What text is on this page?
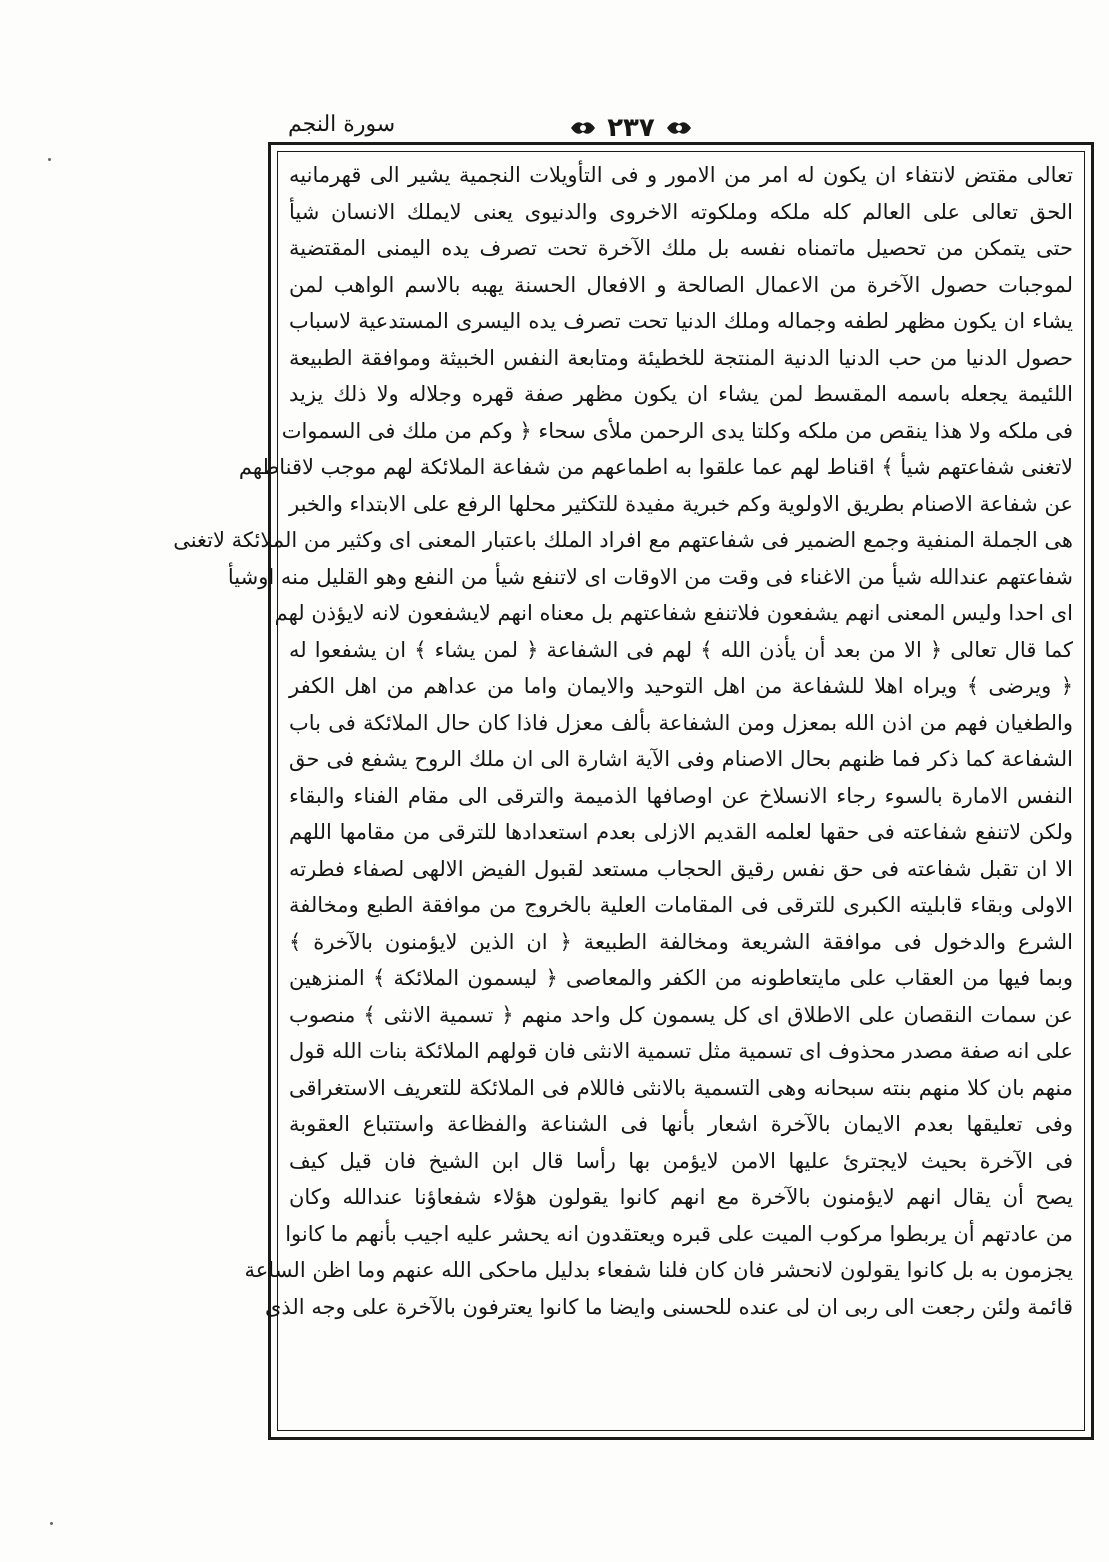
سورة النجم	٢٣٧
تعالى مقتض لانتفاء ان يكون له امر من الامور و فى التأويلات النجمية يشير الى قهرمانيه
الحق تعالى على العالم كله ملكه وملكوته الاخروى والدنيوى يعنى لايملك الانسان شيأ
حتى يتمكن من تحصيل ماتمناه نفسه بل ملك الآخرة تحت تصرف يده اليمنى المقتضية
لموجبات حصول الآخرة من الاعمال الصالحة و الافعال الحسنة يهبه بالاسم الواهب لمن
يشاء ان يكون مظهر لطفه وجماله وملك الدنيا تحت تصرف يده اليسرى المستدعية لاسباب
حصول الدنيا من حب الدنيا الدنية المنتجة للخطيئة ومتابعة النفس الخبيثة وموافقة الطبيعة
اللئيمة يجعله باسمه المقسط لمن يشاء ان يكون مظهر صفة قهره وجلاله ولا ذلك يزيد
فى ملكه ولا هذا ينقص من ملكه وكلتا يدى الرحمن ملأى سحاء ﴿ وكم من ملك فى السموات
لاتغنى شفاعتهم شيأ ﴾ اقناط لهم عما علقوا به اطماعهم من شفاعة الملائكة لهم موجب لاقناطهم
عن شفاعة الاصنام بطريق الاولوية وكم خبرية مفيدة للتكثير محلها الرفع على الابتداء والخبر
هى الجملة المنفية وجمع الضمير فى شفاعتهم مع افراد الملك باعتبار المعنى اى وكثير من الملائكة لاتغنى
شفاعتهم عندالله شيأ من الاغناء فى وقت من الاوقات اى لاتنفع شيأ من النفع وهو القليل منه اوشيأ
اى احدا وليس المعنى انهم يشفعون فلاتنفع شفاعتهم بل معناه انهم لايشفعون لانه لايؤذن لهم
كما قال تعالى ﴿ الا من بعد أن يأذن الله ﴾ لهم فى الشفاعة ﴿ لمن يشاء ﴾ ان يشفعوا له
﴿ ويرضى ﴾ ويراه اهلا للشفاعة من اهل التوحيد والايمان واما من عداهم من اهل الكفر
والطغيان فهم من اذن الله بمعزل ومن الشفاعة بألف معزل فاذا كان حال الملائكة فى باب
الشفاعة كما ذكر فما ظنهم بحال الاصنام وفى الآية اشارة الى ان ملك الروح يشفع فى حق
النفس الامارة بالسوء رجاء الانسلاخ عن اوصافها الذميمة والترقى الى مقام الفناء والبقاء
ولكن لاتنفع شفاعته فى حقها لعلمه القديم الازلى بعدم استعدادها للترقى من مقامها اللهم
الا ان تقبل شفاعته فى حق نفس رقيق الحجاب مستعد لقبول الفيض الالهى لصفاء فطرته
الاولى وبقاء قابليته الكبرى للترقى فى المقامات العلية بالخروج من موافقة الطبع ومخالفة
الشرع والدخول فى موافقة الشريعة ومخالفة الطبيعة ﴿ ان الذين لايؤمنون بالآخرة ﴾
وبما فيها من العقاب على مايتعاطونه من الكفر والمعاصى ﴿ ليسمون الملائكة ﴾ المنزهين
عن سمات النقصان على الاطلاق اى كل يسمون كل واحد منهم ﴿ تسمية الانثى ﴾ منصوب
على انه صفة مصدر محذوف اى تسمية مثل تسمية الانثى فان قولهم الملائكة بنات الله قول
منهم بان كلا منهم بنته سبحانه وهى التسمية بالانثى فاللام فى الملائكة للتعريف الاستغراقى
وفى تعليقها بعدم الايمان بالآخرة اشعار بأنها فى الشناعة والفظاعة واستتباع العقوبة
فى الآخرة بحيث لايجترئ عليها الامن لايؤمن بها رأسا قال ابن الشيخ فان قيل كيف
يصح أن يقال انهم لايؤمنون بالآخرة مع انهم كانوا يقولون هؤلاء شفعاؤنا عندالله وكان
من عادتهم أن يربطوا مركوب الميت على قبره ويعتقدون انه يحشر عليه اجيب بأنهم ما كانوا
يجزمون به بل كانوا يقولون لانحشر فان كان فلنا شفعاء بدليل ماحكى الله عنهم وما اظن الساعة
قائمة ولئن رجعت الى ربى ان لى عنده للحسنى وايضا ما كانوا يعترفون بالآخرة على وجه الذى
